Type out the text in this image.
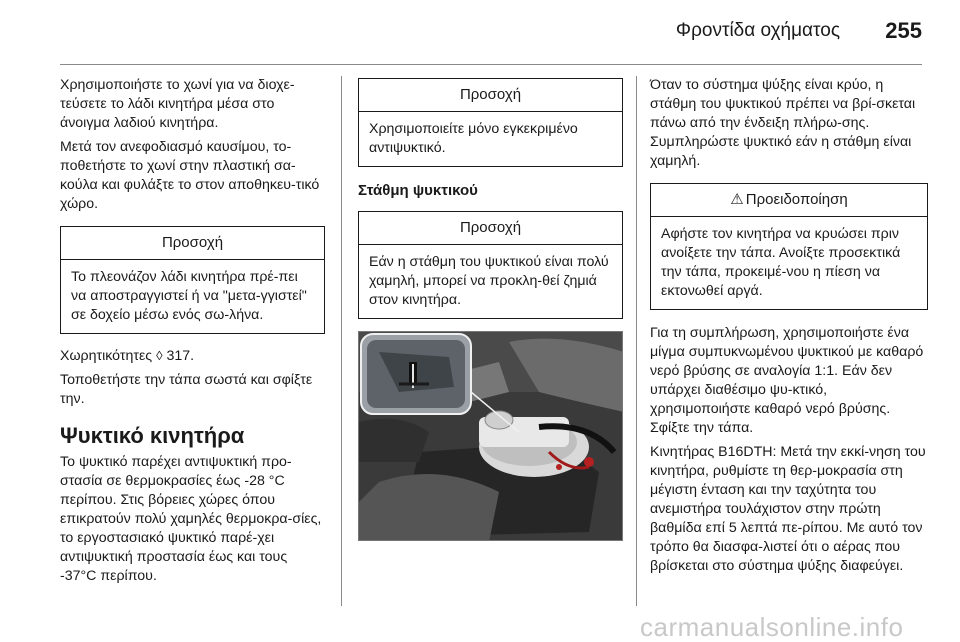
Φροντίδα οχήματος 255

Χρησιμοποιήστε το χωνί για να διοχε-τεύσετε το λάδι κινητήρα μέσα στο άνοιγμα λαδιού κινητήρα.

Μετά τον ανεφοδιασμό καυσίμου, το-ποθετήστε το χωνί στην πλαστική σα-κούλα και φυλάξτε το στον αποθηκευ-τικό χώρο.

Προσοχή
Το πλεονάζον λάδι κινητήρα πρέ-πει να αποστραγγιστεί ή να "μετα-γγιστεί" σε δοχείο μέσω ενός σω-λήνα.

Χωρητικότητες ◊ 317.

Τοποθετήστε την τάπα σωστά και σφίξτε την.

Ψυκτικό κινητήρα

Το ψυκτικό παρέχει αντιψυκτική προ-στασία σε θερμοκρασίες έως -28 °C περίπου. Στις βόρειες χώρες όπου επικρατούν πολύ χαμηλές θερμοκρα-σίες, το εργοστασιακό ψυκτικό παρέ-χει αντιψυκτική προστασία έως και τους -37°C περίπου.

Προσοχή
Χρησιμοποιείτε μόνο εγκεκριμένο αντιψυκτικό.
Στάθμη ψυκτικού
Προσοχή
Εάν η στάθμη του ψυκτικού είναι πολύ χαμηλή, μπορεί να προκλη-θεί ζημιά στον κινητήρα.

Όταν το σύστημα ψύξης είναι κρύο, η στάθμη του ψυκτικού πρέπει να βρί-σκεται πάνω από την ένδειξη πλήρω-σης. Συμπληρώστε ψυκτικό εάν η στάθμη είναι χαμηλή.

⚠ Προειδοποίηση
Αφήστε τον κινητήρα να κρυώσει πριν ανοίξετε την τάπα. Ανοίξτε προσεκτικά την τάπα, προκειμέ-νου η πίεση να εκτονωθεί αργά.

Για τη συμπλήρωση, χρησιμοποιήστε ένα μίγμα συμπυκνωμένου ψυκτικού με καθαρό νερό βρύσης σε αναλογία 1:1. Εάν δεν υπάρχει διαθέσιμο ψυ-κτικό, χρησιμοποιήστε καθαρό νερό βρύσης. Σφίξτε την τάπα.

Κινητήρας B16DTH: Μετά την εκκί-νηση του κινητήρα, ρυθμίστε τη θερ-μοκρασία στη μέγιστη ένταση και την ταχύτητα του ανεμιστήρα τουλάχιστον στην πρώτη βαθμίδα επί 5 λεπτά πε-ρίπου. Με αυτό τον τρόπο θα διασφα-λιστεί ότι ο αέρας που βρίσκεται στο σύστημα ψύξης διαφεύγει.

carmanualsonline.info
